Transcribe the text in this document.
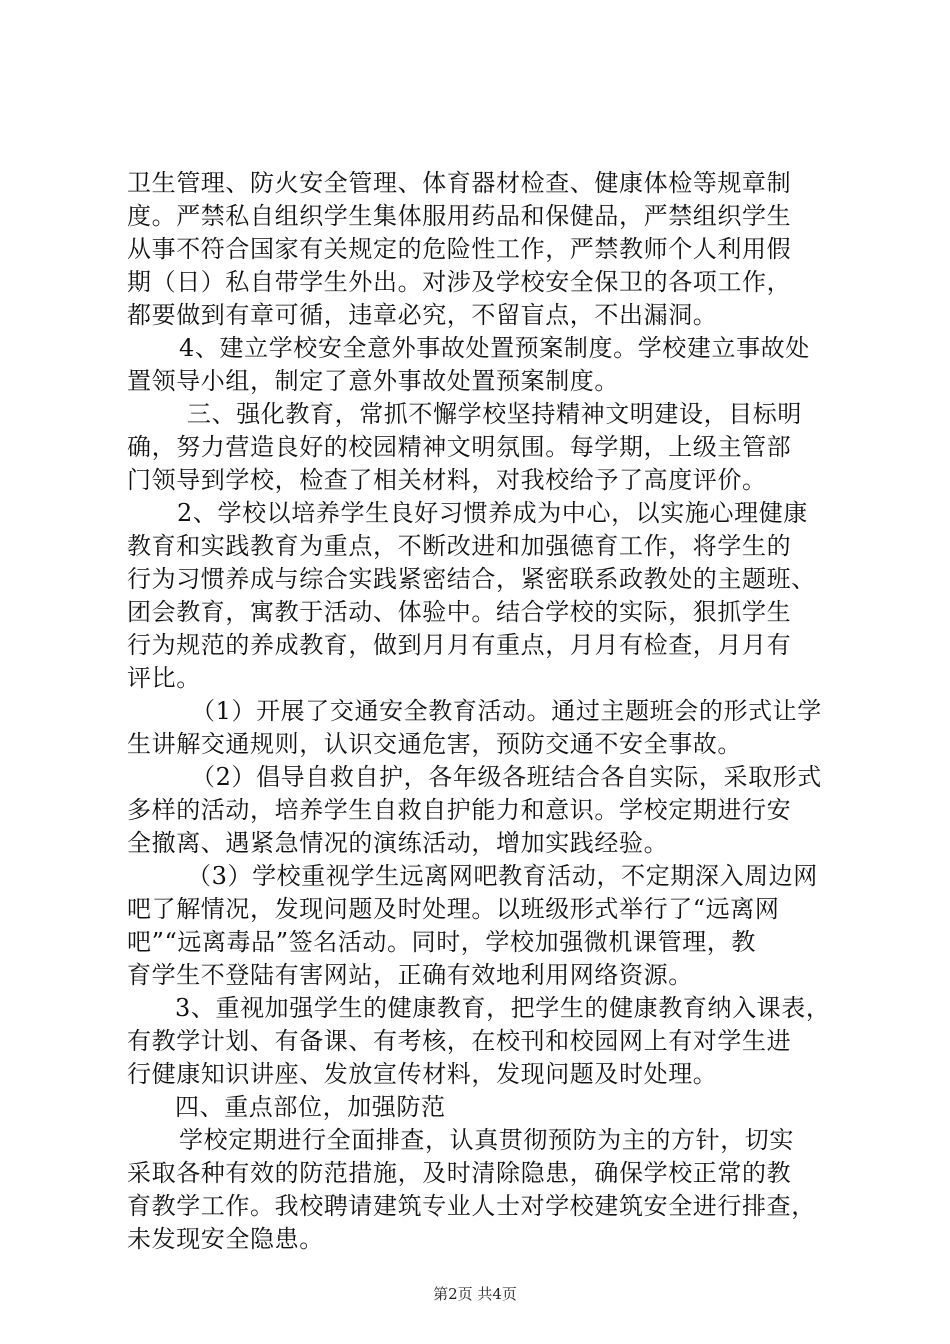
卫生管理、防火安全管理、体育器材检查、健康体检等规章制
度。严禁私自组织学生集体服用药品和保健品，严禁组织学生
从事不符合国家有关规定的危险性工作，严禁教师个人利用假
期（日）私自带学生外出。对涉及学校安全保卫的各项工作，
都要做到有章可循，违章必究，不留盲点，不出漏洞。
4、建立学校安全意外事故处置预案制度。学校建立事故处
置领导小组，制定了意外事故处置预案制度。
三、强化教育，常抓不懈学校坚持精神文明建设，目标明
确，努力营造良好的校园精神文明氛围。每学期，上级主管部
门领导到学校，检查了相关材料，对我校给予了高度评价。
2、学校以培养学生良好习惯养成为中心，以实施心理健康
教育和实践教育为重点，不断改进和加强德育工作，将学生的
行为习惯养成与综合实践紧密结合，紧密联系政教处的主题班、
团会教育，寓教于活动、体验中。结合学校的实际，狠抓学生
行为规范的养成教育，做到月月有重点，月月有检查，月月有
评比。
（1）开展了交通安全教育活动。通过主题班会的形式让学
生讲解交通规则，认识交通危害，预防交通不安全事故。
（2）倡导自救自护，各年级各班结合各自实际，采取形式
多样的活动，培养学生自救自护能力和意识。学校定期进行安
全撤离、遇紧急情况的演练活动，增加实践经验。
（3）学校重视学生远离网吧教育活动，不定期深入周边网
吧了解情况，发现问题及时处理。以班级形式举行了“远离网
吧”“远离毒品”签名活动。同时，学校加强微机课管理，教
育学生不登陆有害网站，正确有效地利用网络资源。
3、重视加强学生的健康教育，把学生的健康教育纳入课表，
有教学计划、有备课、有考核，在校刊和校园网上有对学生进
行健康知识讲座、发放宣传材料，发现问题及时处理。
四、重点部位，加强防范
学校定期进行全面排查，认真贯彻预防为主的方针，切实
采取各种有效的防范措施，及时清除隐患，确保学校正常的教
育教学工作。我校聘请建筑专业人士对学校建筑安全进行排查，
未发现安全隐患。
第2页 共4页
